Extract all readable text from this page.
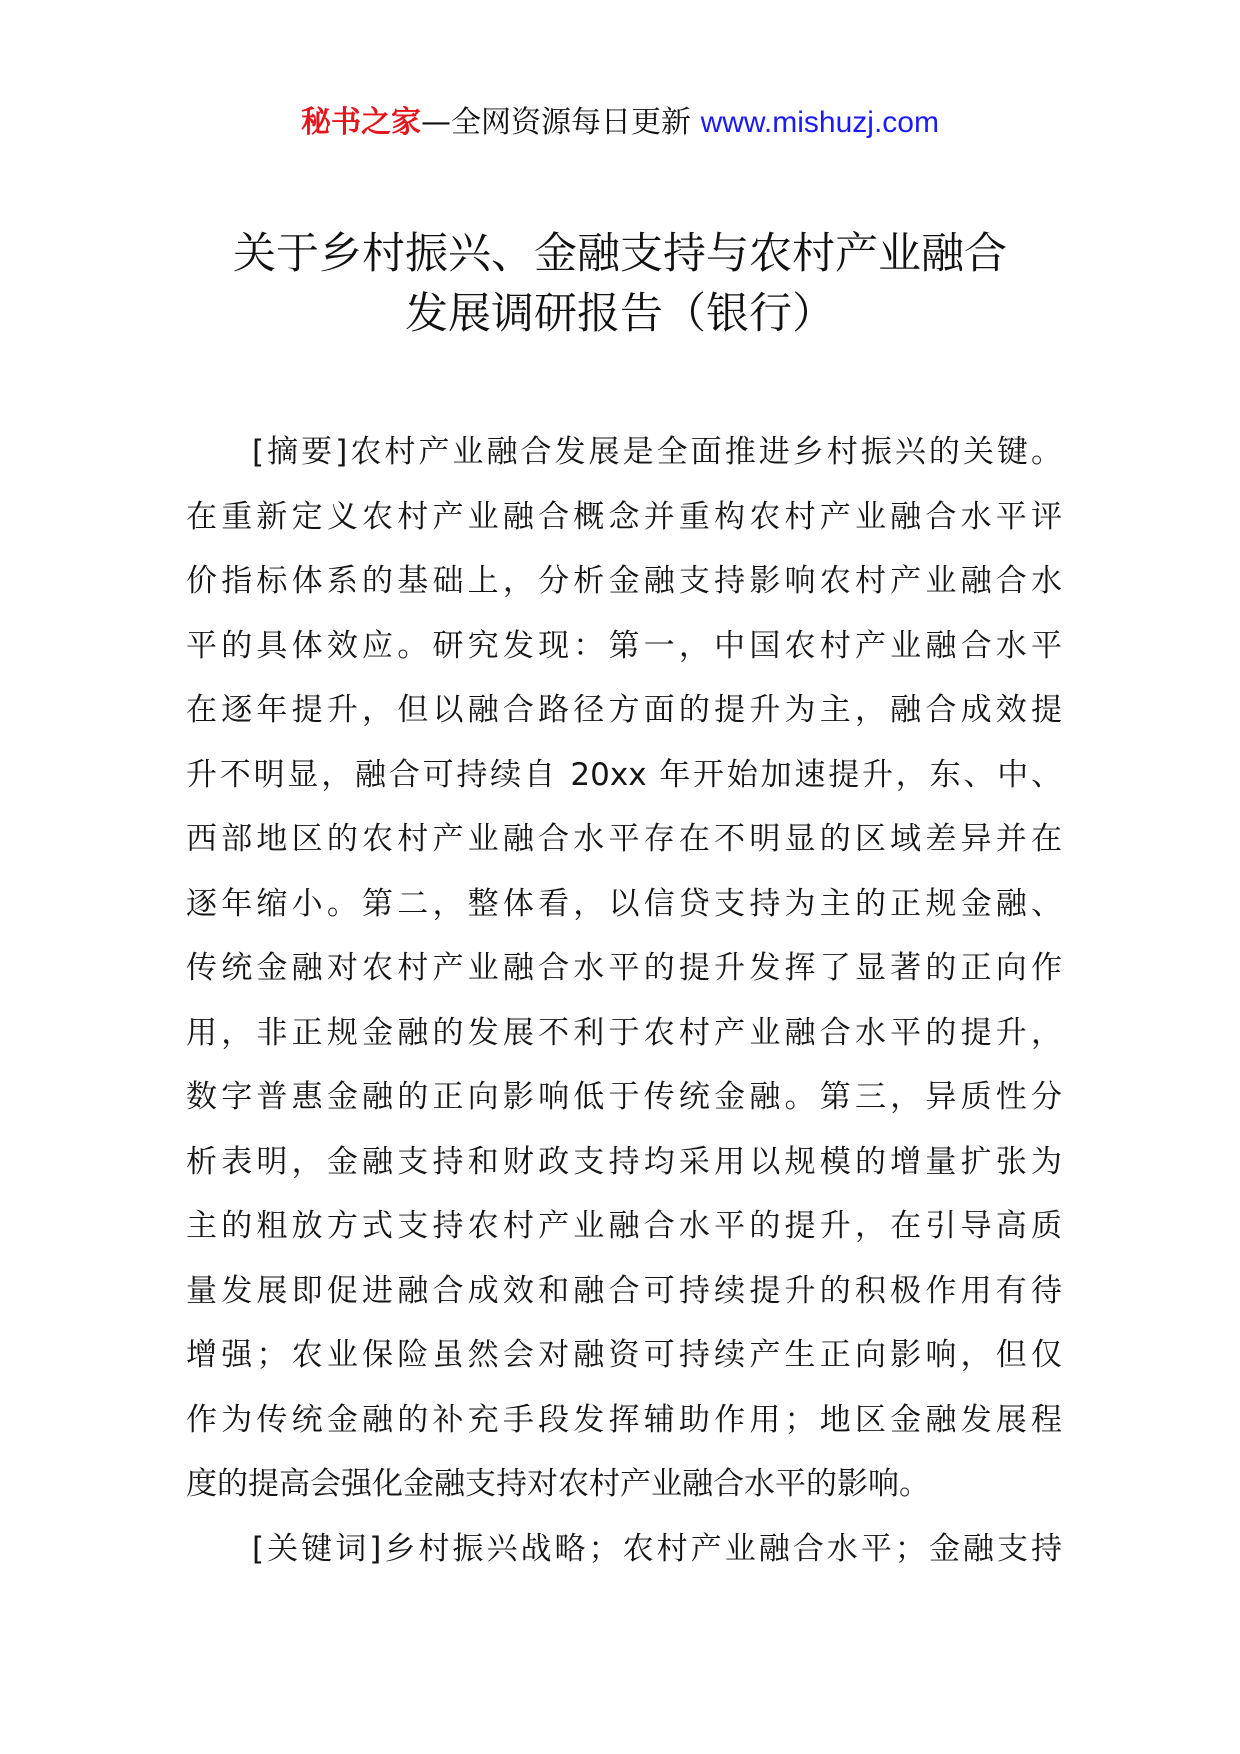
秘书之家—全网资源每日更新 www.mishuzj.com
关于乡村振兴、金融支持与农村产业融合
发展调研报告（银行）
[摘要]农村产业融合发展是全面推进乡村振兴的关键。
在重新定义农村产业融合概念并重构农村产业融合水平评
价指标体系的基础上，分析金融支持影响农村产业融合水
平的具体效应。研究发现：第一，中国农村产业融合水平
在逐年提升，但以融合路径方面的提升为主，融合成效提
升不明显，融合可持续自 20xx 年开始加速提升，东、中、
西部地区的农村产业融合水平存在不明显的区域差异并在
逐年缩小。第二，整体看，以信贷支持为主的正规金融、
传统金融对农村产业融合水平的提升发挥了显著的正向作
用，非正规金融的发展不利于农村产业融合水平的提升，
数字普惠金融的正向影响低于传统金融。第三，异质性分
析表明，金融支持和财政支持均采用以规模的增量扩张为
主的粗放方式支持农村产业融合水平的提升，在引导高质
量发展即促进融合成效和融合可持续提升的积极作用有待
增强；农业保险虽然会对融资可持续产生正向影响，但仅
作为传统金融的补充手段发挥辅助作用；地区金融发展程
度的提高会强化金融支持对农村产业融合水平的影响。
[关键词]乡村振兴战略；农村产业融合水平；金融支持
